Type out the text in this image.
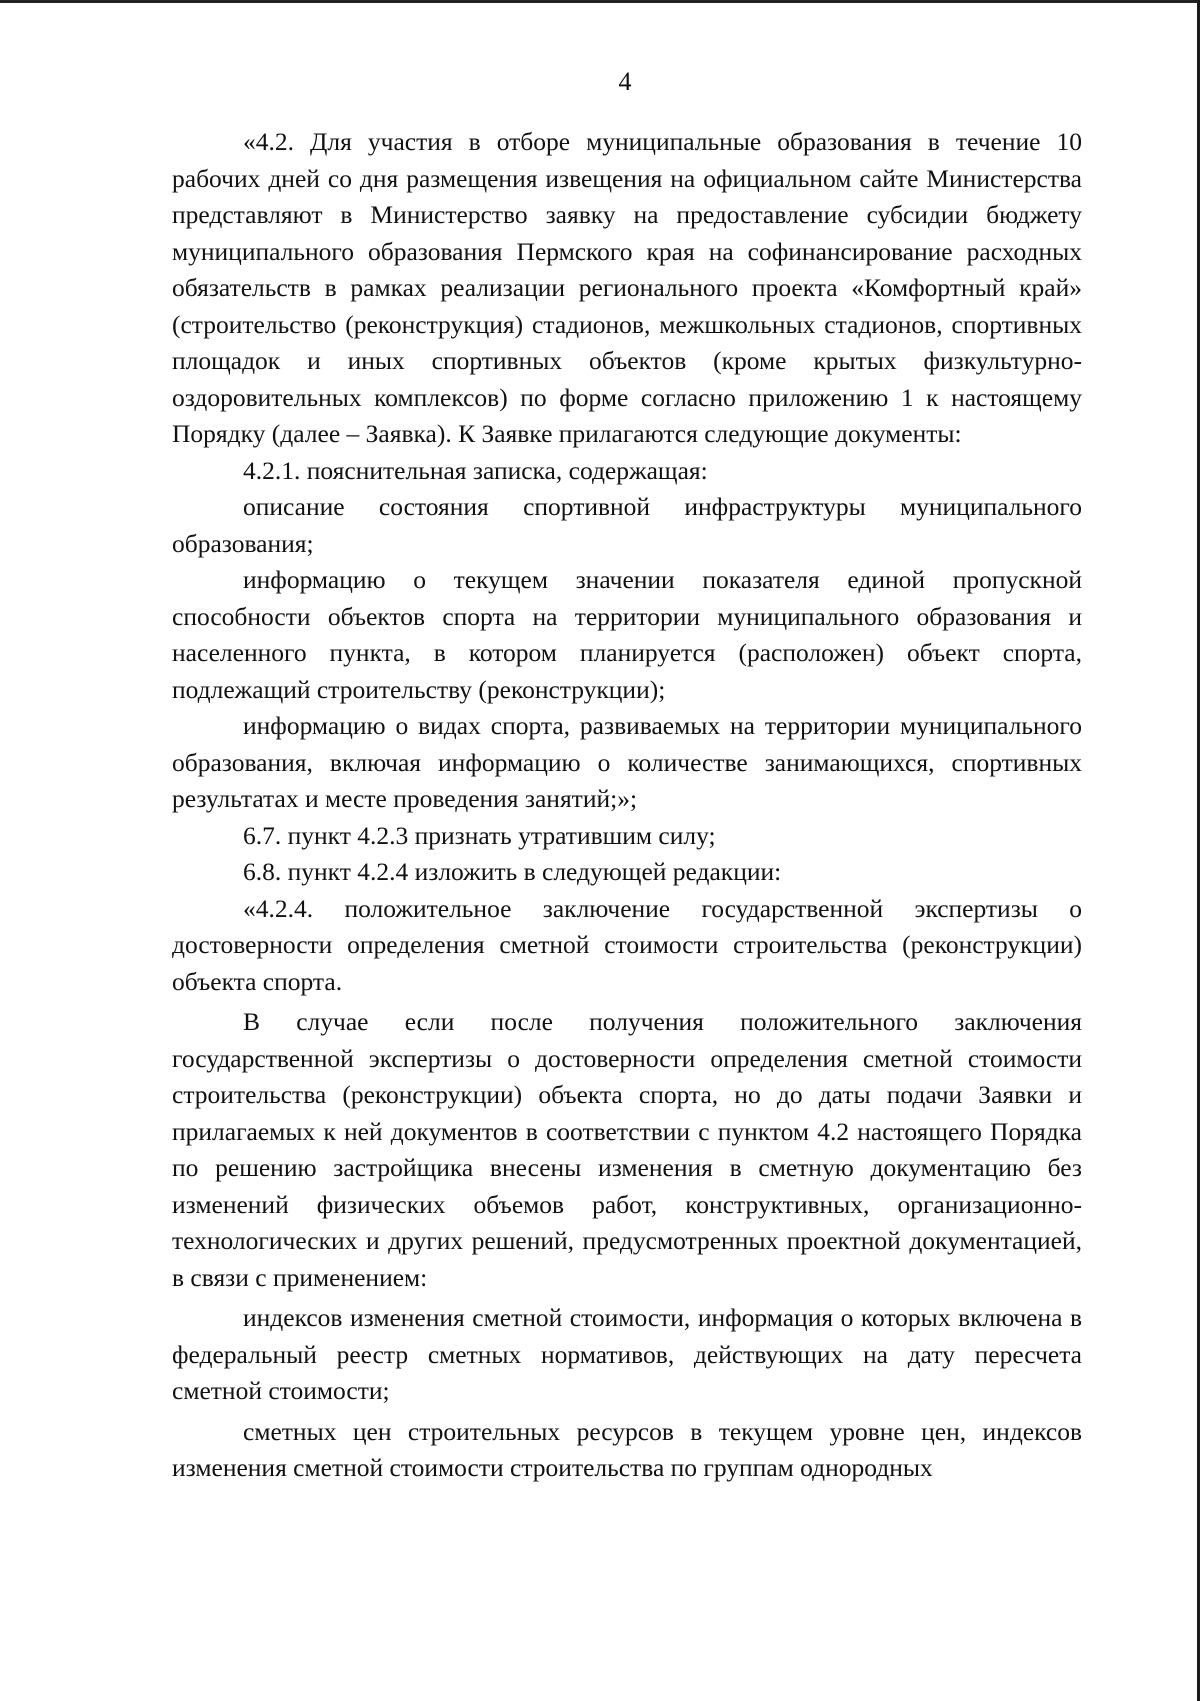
4

«4.2. Для участия в отборе муниципальные образования в течение 10 рабочих дней со дня размещения извещения на официальном сайте Министерства представляют в Министерство заявку на предоставление субсидии бюджету муниципального образования Пермского края на софинансирование расходных обязательств в рамках реализации регионального проекта «Комфортный край» (строительство (реконструкция) стадионов, межшкольных стадионов, спортивных площадок и иных спортивных объектов (кроме крытых физкультурно-оздоровительных комплексов) по форме согласно приложению 1 к настоящему Порядку (далее – Заявка). К Заявке прилагаются следующие документы:

4.2.1. пояснительная записка, содержащая:

описание состояния спортивной инфраструктуры муниципального образования;

информацию о текущем значении показателя единой пропускной способности объектов спорта на территории муниципального образования и населенного пункта, в котором планируется (расположен) объект спорта, подлежащий строительству (реконструкции);

информацию о видах спорта, развиваемых на территории муниципального образования, включая информацию о количестве занимающихся, спортивных результатах и месте проведения занятий;»;

6.7. пункт 4.2.3 признать утратившим силу;

6.8. пункт 4.2.4 изложить в следующей редакции:

«4.2.4. положительное заключение государственной экспертизы о достоверности определения сметной стоимости строительства (реконструкции) объекта спорта.

В случае если после получения положительного заключения государственной экспертизы о достоверности определения сметной стоимости строительства (реконструкции) объекта спорта, но до даты подачи Заявки и прилагаемых к ней документов в соответствии с пунктом 4.2 настоящего Порядка по решению застройщика внесены изменения в сметную документацию без изменений физических объемов работ, конструктивных, организационно-технологических и других решений, предусмотренных проектной документацией, в связи с применением:

индексов изменения сметной стоимости, информация о которых включена в федеральный реестр сметных нормативов, действующих на дату пересчета сметной стоимости;

сметных цен строительных ресурсов в текущем уровне цен, индексов изменения сметной стоимости строительства по группам однородных
